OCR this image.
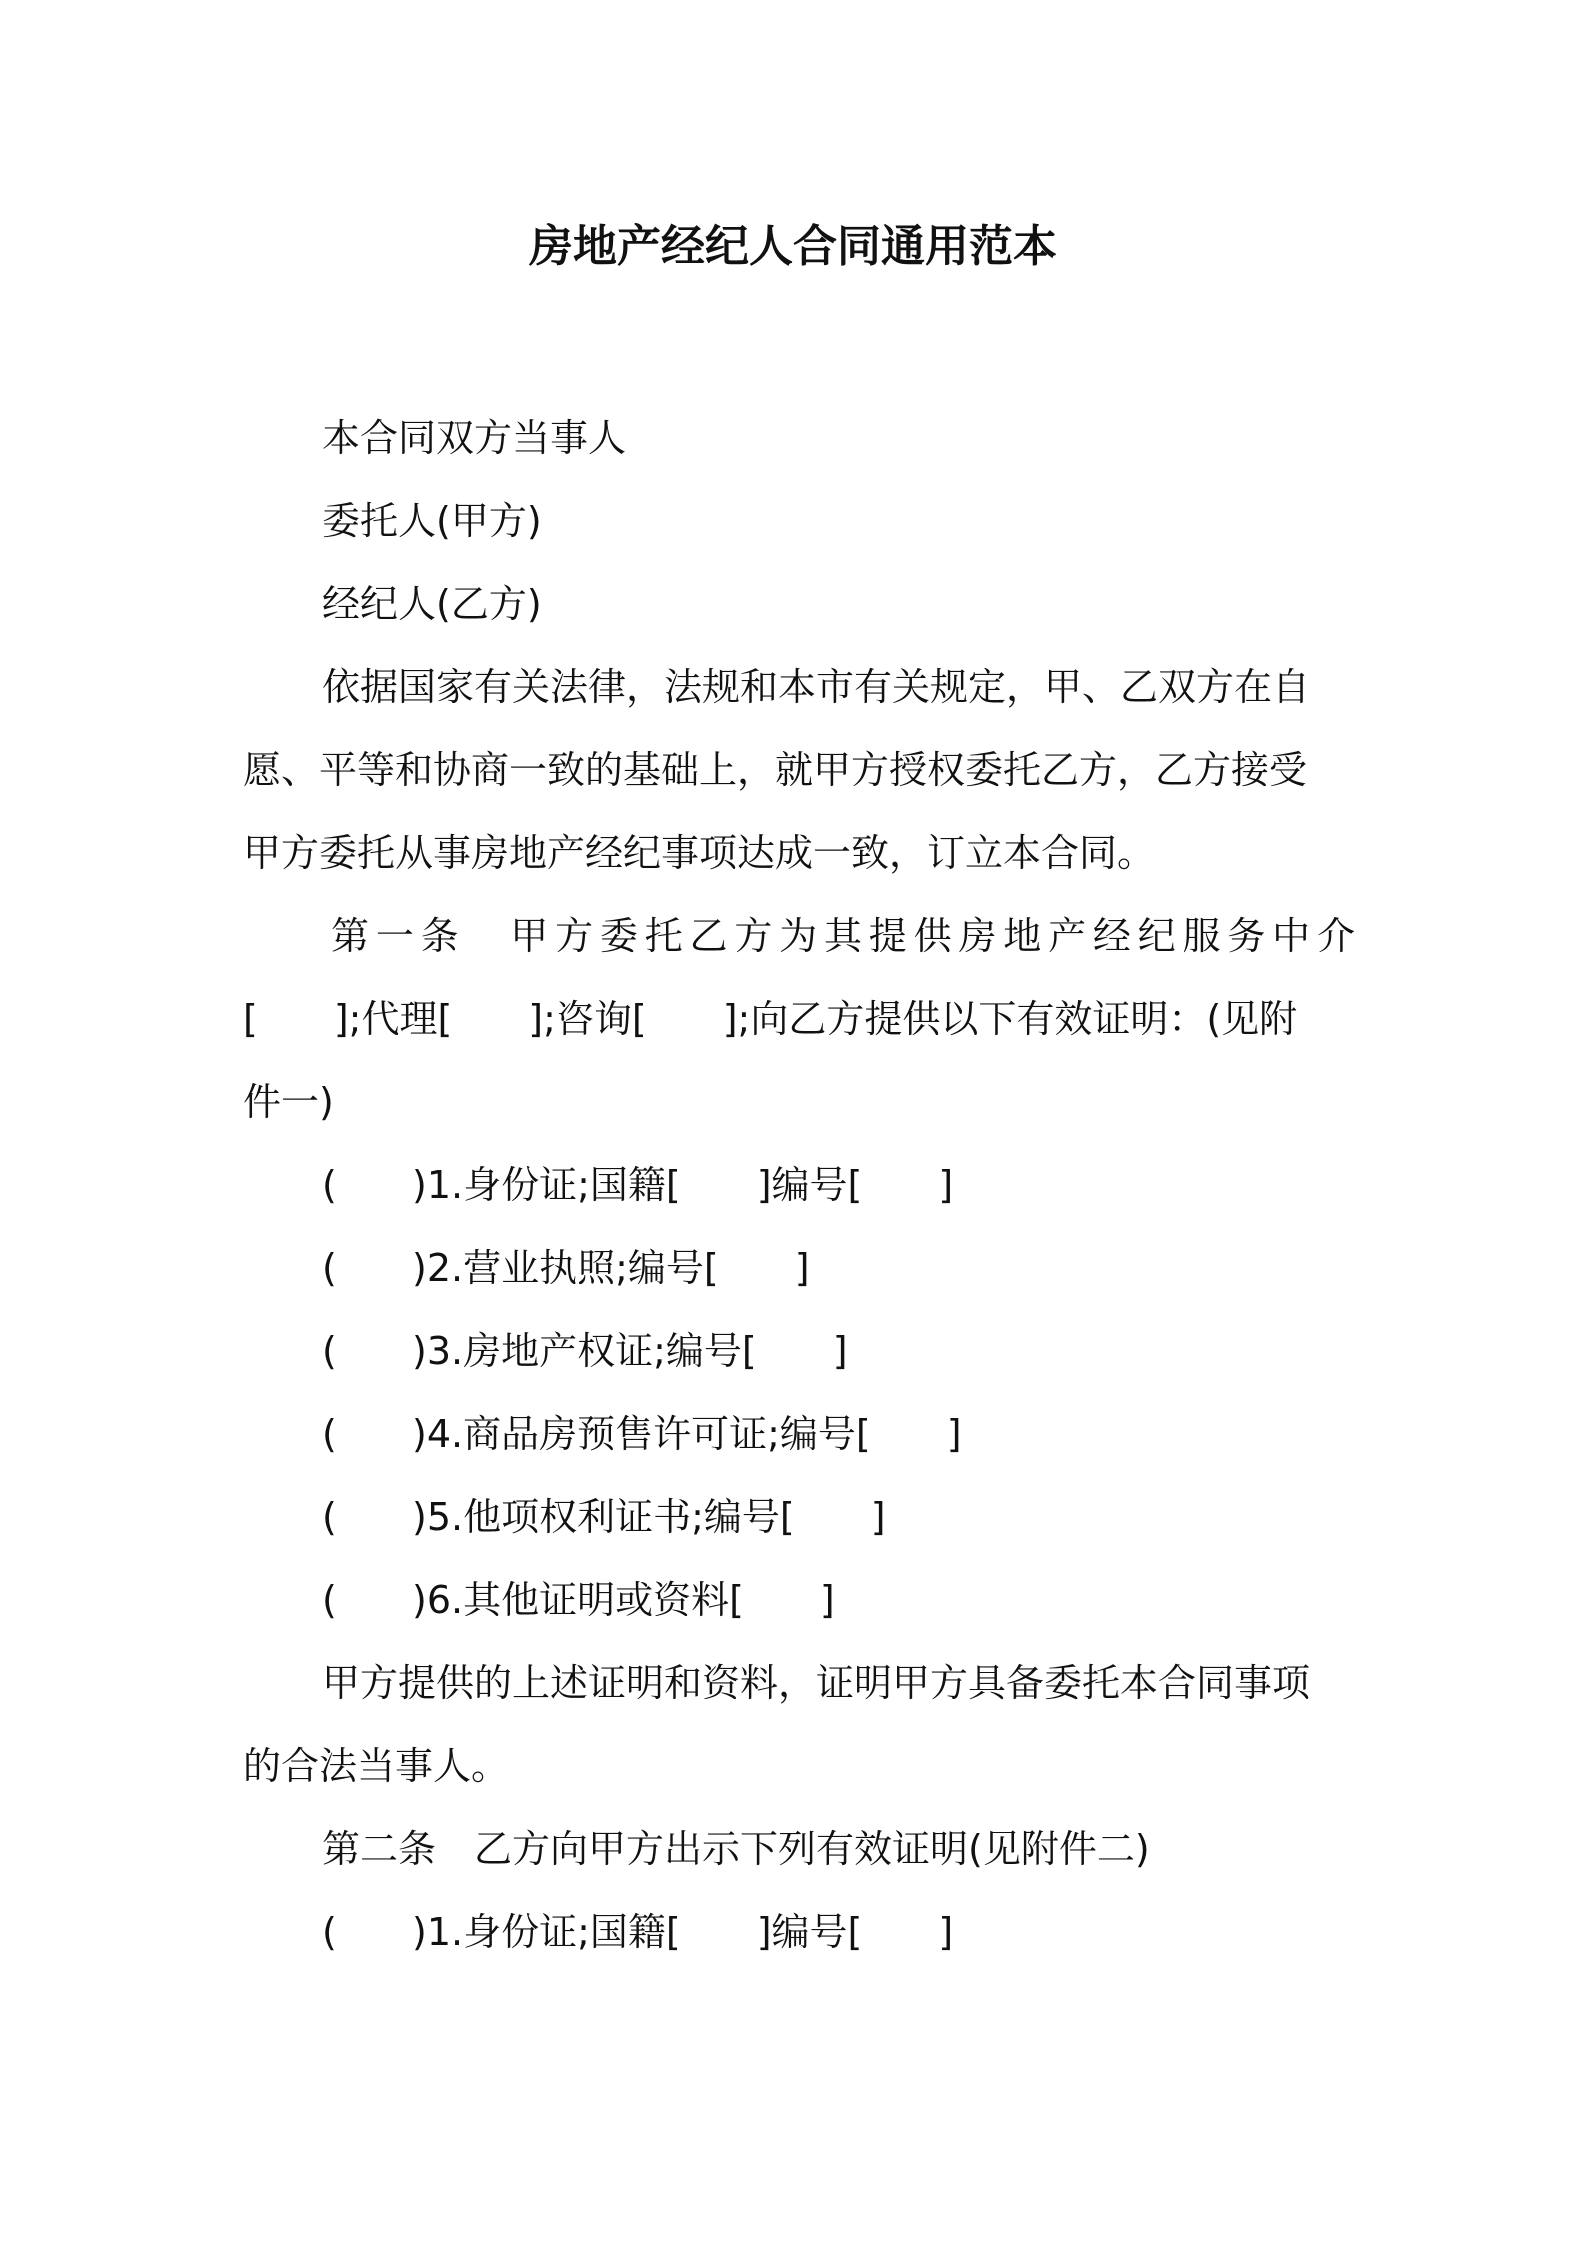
房地产经纪人合同通用范本

本合同双方当事人

委托人(甲方)

经纪人(乙方)

依据国家有关法律，法规和本市有关规定，甲、乙双方在自

愿、平等和协商一致的基础上，就甲方授权委托乙方，乙方接受

甲方委托从事房地产经纪事项达成一致，订立本合同。

第一条　甲方委托乙方为其提供房地产经纪服务中介

[　　];代理[　　];咨询[　　];向乙方提供以下有效证明：(见附

件一)

( )1.身份证;国籍[　　]编号[　　]
( )2.营业执照;编号[　　]
( )3.房地产权证;编号[　　]
( )4.商品房预售许可证;编号[　　]
( )5.他项权利证书;编号[　　]
( )6.其他证明或资料[　　]

甲方提供的上述证明和资料，证明甲方具备委托本合同事项

的合法当事人。

第二条　乙方向甲方出示下列有效证明(见附件二)

( )1.身份证;国籍[　　]编号[　　]
